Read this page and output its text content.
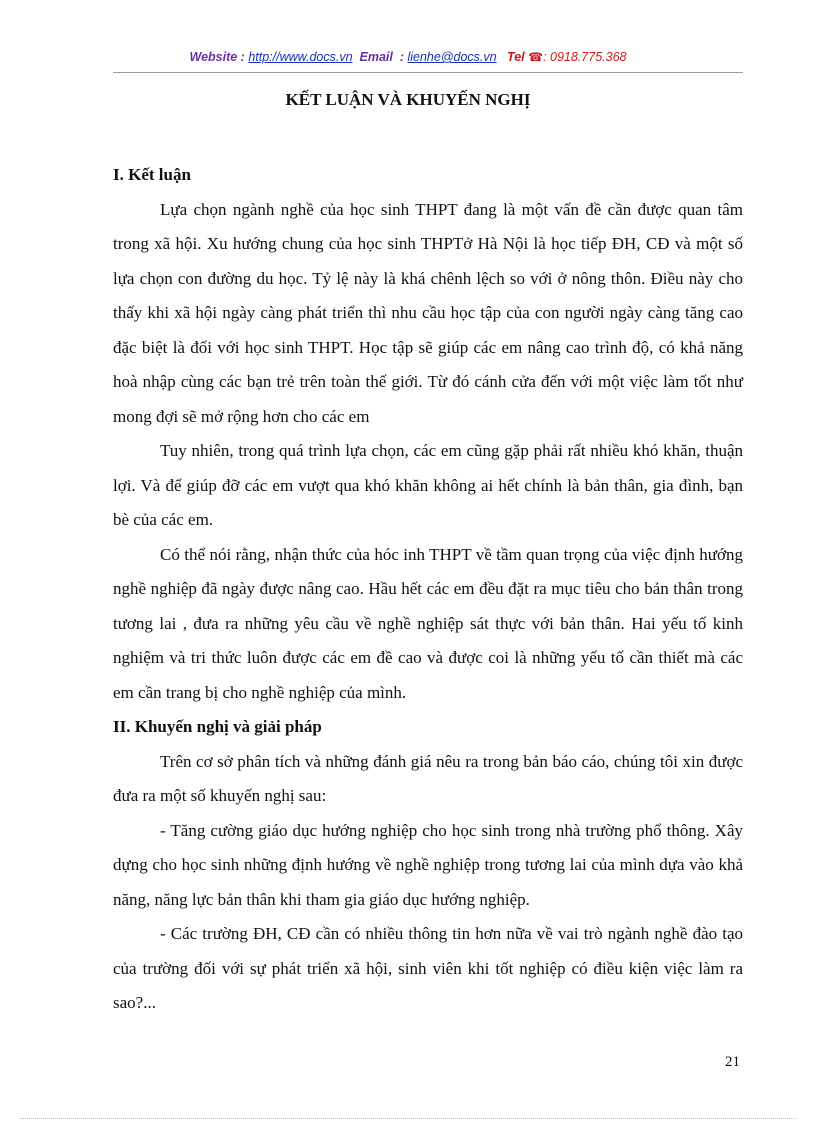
Website : http://www.docs.vn Email : lienhe@docs.vn Tel ☎: 0918.775.368
KẾT LUẬN VÀ KHUYẾN NGHỊ
I. Kết luận

Lựa chọn ngành nghề của học sinh THPT đang là một vấn đề cần được quan tâm trong xã hội. Xu hướng chung của học sinh THPTở Hà Nội là học tiếp ĐH, CĐ và một số lựa chọn con đường du học. Tỷ lệ này là khá chênh lệch so với ở nông thôn. Điều này cho thấy khi xã hội ngày càng phát triển thì nhu cầu học tập của con người ngày càng tăng cao đặc biệt là đối với học sinh THPT. Học tập sẽ giúp các em nâng cao trình độ, có khả năng hoà nhập cùng các bạn trẻ trên toàn thế giới. Từ đó cánh cửa đến với một việc làm tốt như mong đợi sẽ mở rộng hơn cho các em

Tuy nhiên, trong quá trình lựa chọn, các em cũng gặp phải rất nhiều khó khăn, thuận lợi. Và để giúp đỡ các em vượt qua khó khăn không ai hết chính là bản thân, gia đình, bạn bè của các em.

Có thể nói rằng, nhận thức của hóc inh THPT về tầm quan trọng của việc định hướng nghề nghiệp đã ngày được nâng cao. Hầu hết các em đều đặt ra mục tiêu cho bản thân trong tương lai , đưa ra những yêu cầu về nghề nghiệp sát thực với bản thân. Hai yếu tố kinh nghiệm và tri thức luôn được các em đề cao và được coi là những yếu tố cần thiết mà các em cần trang bị cho nghề nghiệp của mình.

II. Khuyến nghị và giải pháp

Trên cơ sở phân tích và những đánh giá nêu ra trong bản báo cáo, chúng tôi xin được đưa ra một số khuyến nghị sau:

- Tăng cường giáo dục hướng nghiệp cho học sinh trong nhà trường phổ thông. Xây dựng cho học sinh những định hướng về nghề nghiệp trong tương lai của mình dựa vào khả năng, năng lực bản thân khi tham gia giáo dục hướng nghiệp.

- Các trường ĐH, CĐ cần có nhiều thông tin hơn nữa về vai trò ngành nghề đào tạo của trường đối với sự phát triển xã hội, sinh viên khi tốt nghiệp có điều kiện việc làm ra sao?...

21
